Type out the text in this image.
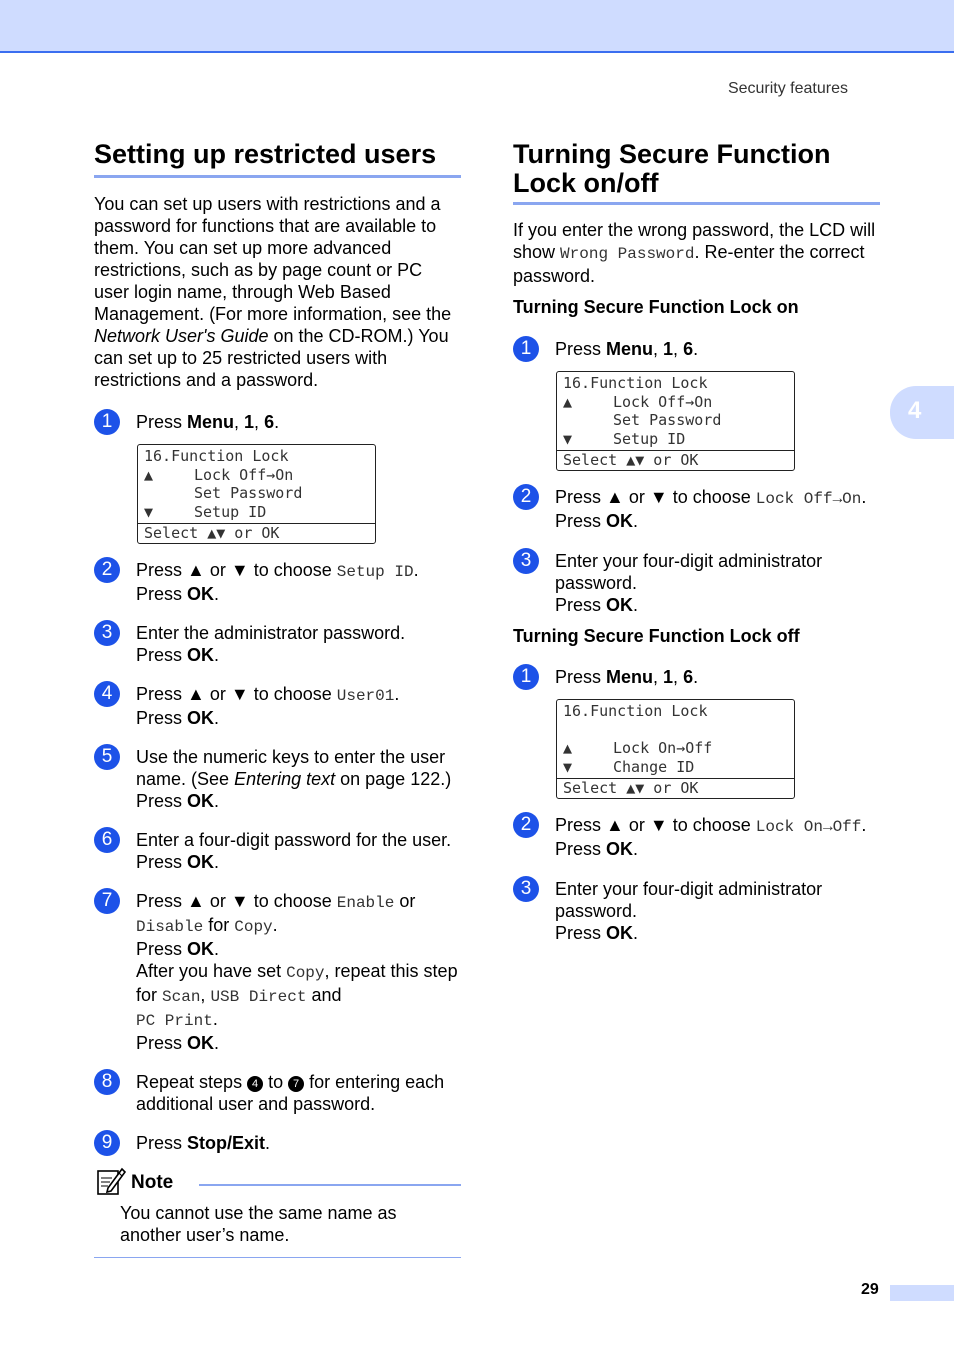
Security features
4
Setting up restricted users

You can set up users with restrictions and a password for functions that are available to them. You can set up more advanced restrictions, such as by page count or PC user login name, through Web Based Management. (For more information, see the Network User's Guide on the CD-ROM.) You can set up to 25 restricted users with restrictions and a password.

1	Press Menu, 1, 6.
16.Function Lock
▲	Lock Off→On
Set Password
▼	Setup ID
Select ▲▼ or OK
2	Press ▲ or ▼ to choose Setup ID.
Press OK.
3	Enter the administrator password.
Press OK.
4	Press ▲ or ▼ to choose User01.
Press OK.
5	Use the numeric keys to enter the user name. (See Entering text on page 122.)
Press OK.
6	Enter a four-digit password for the user.
Press OK.
7	Press ▲ or ▼ to choose Enable or
Disable for Copy.
Press OK.
After you have set Copy, repeat this step for Scan, USB Direct and
PC Print.
Press OK.
8	Repeat steps 4 to 7 for entering each additional user and password.
9	Press Stop/Exit.
Note
You cannot use the same name as another user’s name.
Turning Secure Function
Lock on/off

If you enter the wrong password, the LCD will show Wrong Password. Re-enter the correct password.

Turning Secure Function Lock on
1	Press Menu, 1, 6.
16.Function Lock
▲	Lock Off→On
Set Password
▼	Setup ID
Select ▲▼ or OK
2	Press ▲ or ▼ to choose Lock Off→On.
Press OK.
3	Enter your four-digit administrator password.
Press OK.
Turning Secure Function Lock off
1	Press Menu, 1, 6.
16.Function Lock
▲	Lock On→Off
▼	Change ID
Select ▲▼ or OK
2	Press ▲ or ▼ to choose Lock On→Off.
Press OK.
3	Enter your four-digit administrator password.
Press OK.
29
